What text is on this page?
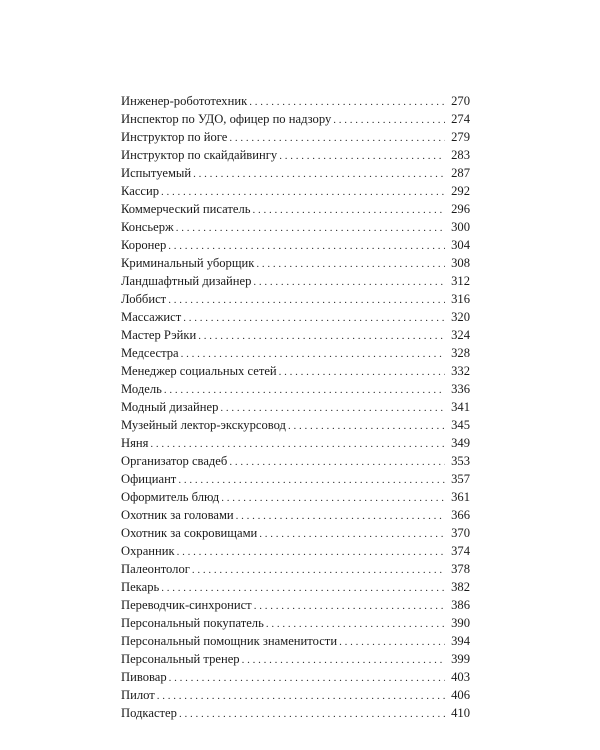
Инженер-робототехник . . .	270
Инспектор по УДО, офицер по надзору . . .	274
Инструктор по йоге . . .	279
Инструктор по скайдайвингу . . .	283
Испытуемый . . .	287
Кассир . . .	292
Коммерческий писатель . . .	296
Консьерж . . .	300
Коронер . . .	304
Криминальный уборщик . . .	308
Ландшафтный дизайнер . . .	312
Лоббист . . .	316
Массажист . . .	320
Мастер Рэйки . . .	324
Медсестра . . .	328
Менеджер социальных сетей . . .	332
Модель . . .	336
Модный дизайнер . . .	341
Музейный лектор-экскурсовод . . .	345
Няня . . .	349
Организатор свадеб . . .	353
Официант . . .	357
Оформитель блюд . . .	361
Охотник за головами . . .	366
Охотник за сокровищами . . .	370
Охранник . . .	374
Палеонтолог . . .	378
Пекарь . . .	382
Переводчик-синхронист . . .	386
Персональный покупатель . . .	390
Персональный помощник знаменитости . . .	394
Персональный тренер . . .	399
Пивовар . . .	403
Пилот . . .	406
Подкастер . . .	410
